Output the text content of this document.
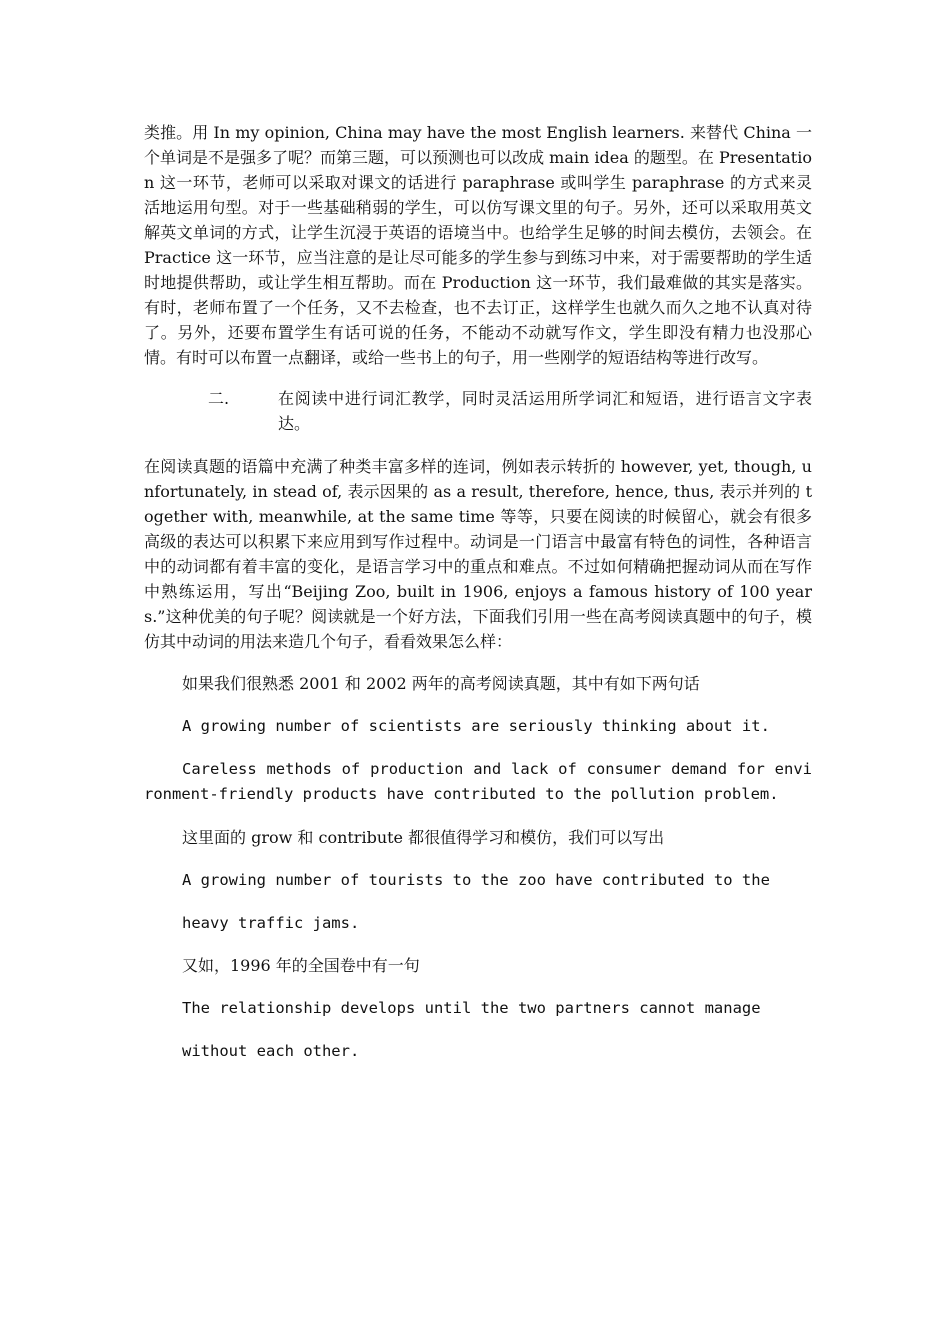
类推。用 In my opinion, China may have the most English learners. 来替代 China 一个单词是不是强多了呢？而第三题，可以预测也可以改成 main idea 的题型。在 Presentation 这一环节，老师可以采取对课文的话进行 paraphrase 或叫学生 paraphrase 的方式来灵活地运用句型。对于一些基础稍弱的学生，可以仿写课文里的句子。另外，还可以采取用英文解英文单词的方式，让学生沉浸于英语的语境当中。也给学生足够的时间去模仿，去领会。在 Practice 这一环节，应当注意的是让尽可能多的学生参与到练习中来，对于需要帮助的学生适时地提供帮助，或让学生相互帮助。而在 Production 这一环节，我们最难做的其实是落实。有时，老师布置了一个任务，又不去检查，也不去订正，这样学生也就久而久之地不认真对待了。另外，还要布置学生有话可说的任务，不能动不动就写作文，学生即没有精力也没那心情。有时可以布置一点翻译，或给一些书上的句子，用一些刚学的短语结构等进行改写。

二.	在阅读中进行词汇教学，同时灵活运用所学词汇和短语，进行语言文字表达。

在阅读真题的语篇中充满了种类丰富多样的连词，例如表示转折的 however, yet, though, unfortunately, in stead of, 表示因果的 as a result, therefore, hence, thus, 表示并列的 together with, meanwhile, at the same time 等等，只要在阅读的时候留心，就会有很多高级的表达可以积累下来应用到写作过程中。动词是一门语言中最富有特色的词性，各种语言中的动词都有着丰富的变化，是语言学习中的重点和难点。不过如何精确把握动词从而在写作中熟练运用，写出“Beijing Zoo, built in 1906, enjoys a famous history of 100 years.”这种优美的句子呢？阅读就是一个好方法，下面我们引用一些在高考阅读真题中的句子，模仿其中动词的用法来造几个句子，看看效果怎么样：

如果我们很熟悉 2001 和 2002 两年的高考阅读真题，其中有如下两句话

A growing number of scientists are seriously thinking about it.

Careless methods of production and lack of consumer demand for environment-friendly products have contributed to the pollution problem.

这里面的 grow 和 contribute 都很值得学习和模仿，我们可以写出

A growing number of tourists to the zoo have contributed to the

heavy traffic jams.

又如，1996 年的全国卷中有一句

The relationship develops until the two partners cannot manage

without each other.
